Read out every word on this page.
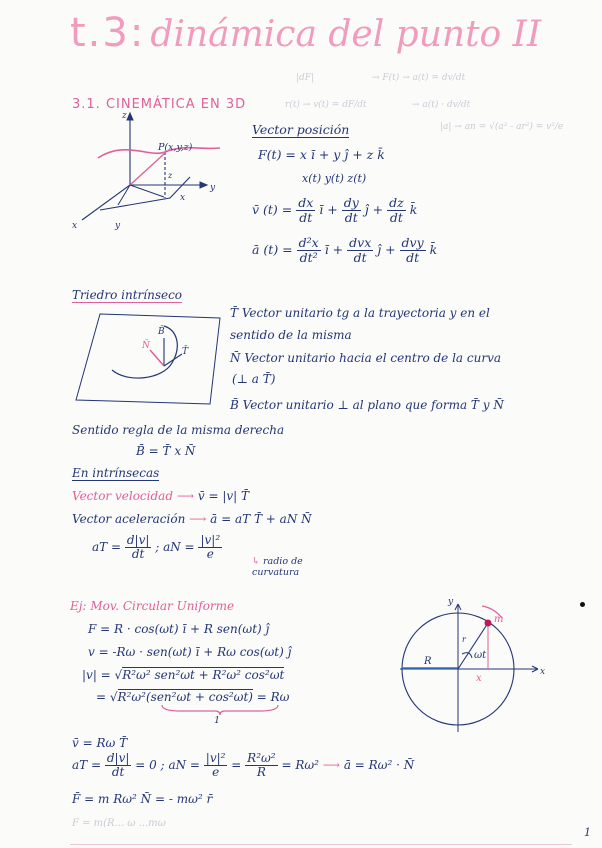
t.3: dinámica del punto II
|dF|
r(t) → v(t) = dF/dt
→ F(t) → a(t) = dv/dt
→ a(t) · dv/dt
|a| → an = √(a² - ar²) = v²/e
3.1. CINEMÁTICA EN 3D
z
y
x
P(x,y,z)
z
y
x
Vector posición
F(t) = x ī + y ĵ + z k̄
x(t) y(t) z(t)
v̄ $(t) = \frac{dx}{dt}$ ī + $\frac{dy}{dt}$ ĵ + $\frac{dz}{dt}$ k̄
ā $(t) = \frac{\text{d²x}}{\text{dt²}}$ ī + $\frac{\text{dvx}}{dt}$ ĵ + $\frac{\text{dvy}}{dt}$ k̄
Triedro intrínseco
B̄
N̄
T̄
T̄ Vector unitario tg a la trayectoria y en el
sentido de la misma
N̄ Vector unitario hacia el centro de la curva
(⊥ a T̄)
B̄ Vector unitario ⊥ al plano que forma T̄ y N̄
Sentido regla de la misma derecha
B̄ = T̄ x N̄
En intrínsecas
Vector velocidad ⟶ v̄ = |v| T̄
Vector aceleración ⟶ ā = aT T̄ + aN N̄
aT = $\frac{d|v|}{dt}$ ; aN = $\frac{\text{|v|²}}{e}$
↳ radio de
curvatura
Ej: Mov. Circular Uniforme
F = R · cos(ωt) ī + R sen(ωt) ĵ
v = -Rω · sen(ωt) ī + Rω cos(ωt) ĵ
|v| = √R²ω² sen²ωt + R²ω² cos²ωt
= √R²ω²(sen²ωt + cos²ωt) = Rω
1
v̄ = Rω T̄
aT = $\frac{d|v|}{dt} = 0$ ; aN = $\frac{\text{|v|²}}{e} = \frac{\text{R²ω²}}{R} = R\omega^2$ ⟶ ā = Rω² · N̄
F̄ = m Rω² N̄ = - mω² r̄
F = m(R... ω ...mω
y
x
m
R
r
ωt
x
1
